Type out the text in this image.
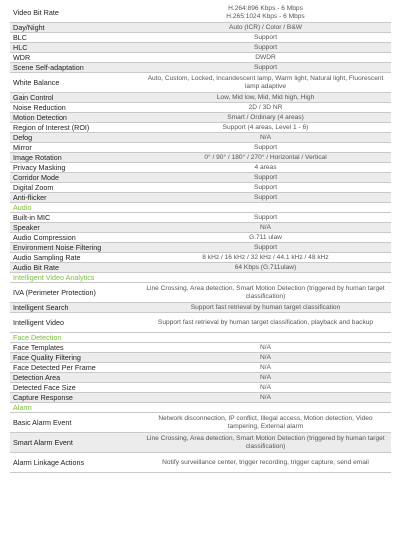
Video Bit Rate	H.264:896 Kbps - 6 Mbps
H.265:1024 Kbps - 6 Mbps
Day/Night	Auto (ICR) / Color / B&W
BLC	Support
HLC	Support
WDR	DWDR
Scene Self-adaptation	Support
White Balance	Auto, Custom, Locked, Incandescent lamp, Warm light, Natural light, Fluorescent lamp adaptive
Gain Control	Low, Mid low, Mid, Mid high, High
Noise Reduction	2D / 3D NR
Motion Detection	Smart / Ordinary (4 areas)
Region of Interest (ROI)	Support (4 areas, Level 1 - 6)
Defog	N/A
Mirror	Support
Image Rotation	0° / 90° / 180° / 270° / Horizontal / Vertical
Privacy Masking	4 areas
Corridor Mode	Support
Digital Zoom	Support
Anti-flicker	Support
Audio
Built-in MIC	Support
Speaker	N/A
Audio Compression	G.711 ulaw
Environment Noise Filtering	Support
Audio Sampling Rate	8 kHz / 16 kHz / 32 kHz / 44.1 kHz / 48 kHz
Audio Bit Rate	64 Kbps (G.711ulaw)
Intelligent Video Analytics
IVA (Perimeter Protection)	Line Crossing, Area detection, Smart Motion Detection (triggered by human target classification)
Intelligent Search	Support fast retrieval by human target classification
Intelligent Video	Support fast retrieval by human target classification, playback and backup
Face Detection
Face Templates	N/A
Face Quality Filtering	N/A
Face Detected Per Frame	N/A
Detection Area	N/A
Detected Face Size	N/A
Capture Response	N/A
Alarm
Basic Alarm Event	Network disconnection, IP conflict, Illegal access, Motion detection, Video tampering, External alarm
Smart Alarm Event	Line Crossing, Area detection, Smart Motion Detection (triggered by human target classification)
Alarm Linkage Actions	Notify surveillance center, trigger recording, trigger capture, send email
